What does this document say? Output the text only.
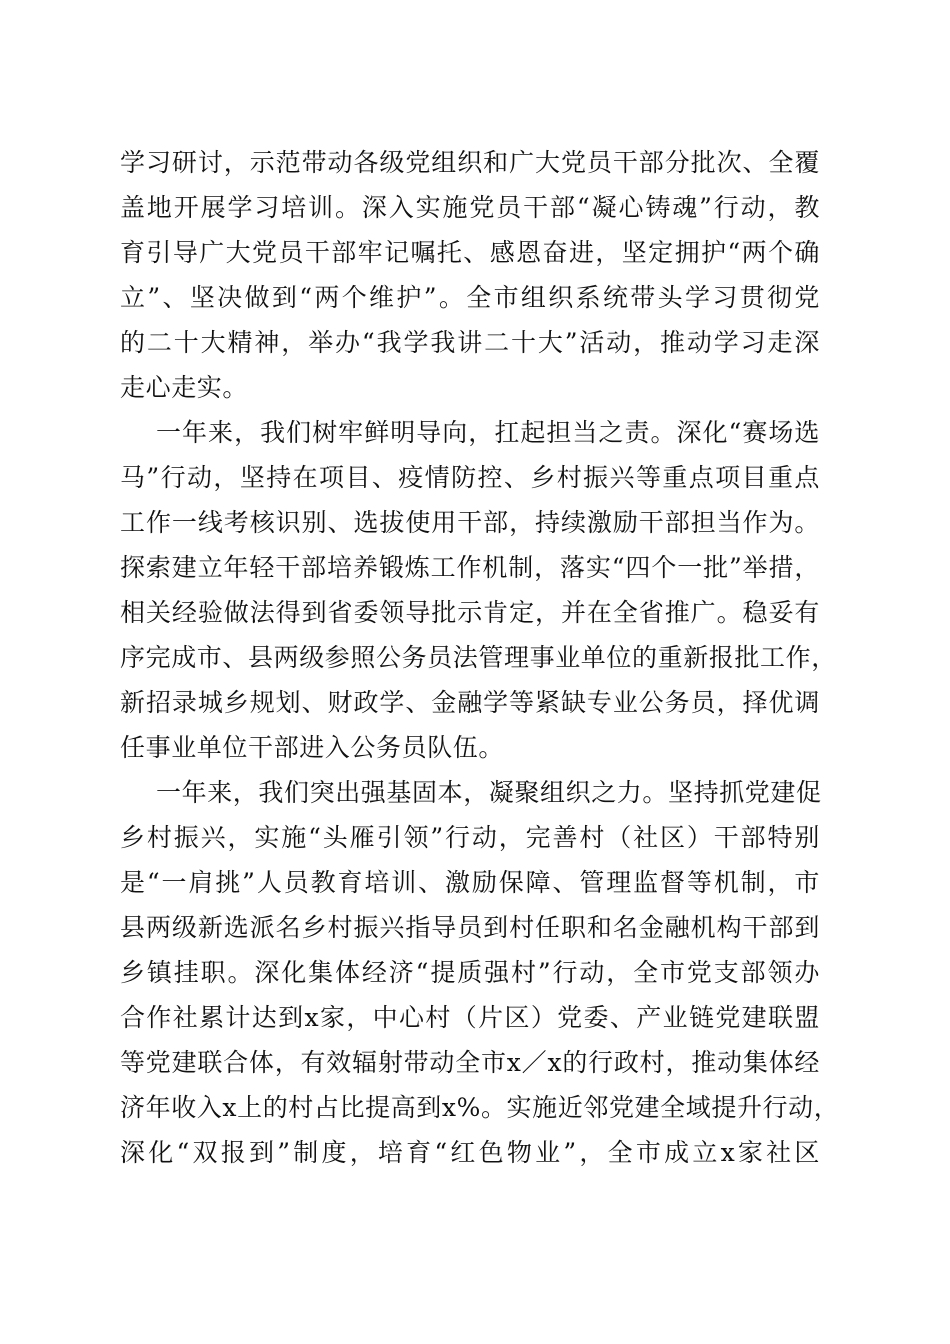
学习研讨，示范带动各级党组织和广大党员干部分批次、全覆
盖地开展学习培训。深入实施党员干部“凝心铸魂”行动，教
育引导广大党员干部牢记嘱托、感恩奋进，坚定拥护“两个确
立”、坚决做到“两个维护”。全市组织系统带头学习贯彻党
的二十大精神，举办“我学我讲二十大”活动，推动学习走深
走心走实。
一年来，我们树牢鲜明导向，扛起担当之责。深化“赛场选
马”行动，坚持在项目、疫情防控、乡村振兴等重点项目重点
工作一线考核识别、选拔使用干部，持续激励干部担当作为。
探索建立年轻干部培养锻炼工作机制，落实“四个一批”举措，
相关经验做法得到省委领导批示肯定，并在全省推广。稳妥有
序完成市、县两级参照公务员法管理事业单位的重新报批工作，
新招录城乡规划、财政学、金融学等紧缺专业公务员，择优调
任事业单位干部进入公务员队伍。
一年来，我们突出强基固本，凝聚组织之力。坚持抓党建促
乡村振兴，实施“头雁引领”行动，完善村（社区）干部特别
是“一肩挑”人员教育培训、激励保障、管理监督等机制，市
县两级新选派名乡村振兴指导员到村任职和名金融机构干部到
乡镇挂职。深化集体经济“提质强村”行动，全市党支部领办
合作社累计达到x家，中心村（片区）党委、产业链党建联盟
等党建联合体，有效辐射带动全市x／x的行政村，推动集体经
济年收入x上的村占比提高到x%。实施近邻党建全域提升行动，
深化“双报到”制度，培育“红色物业”，全市成立x家社区
